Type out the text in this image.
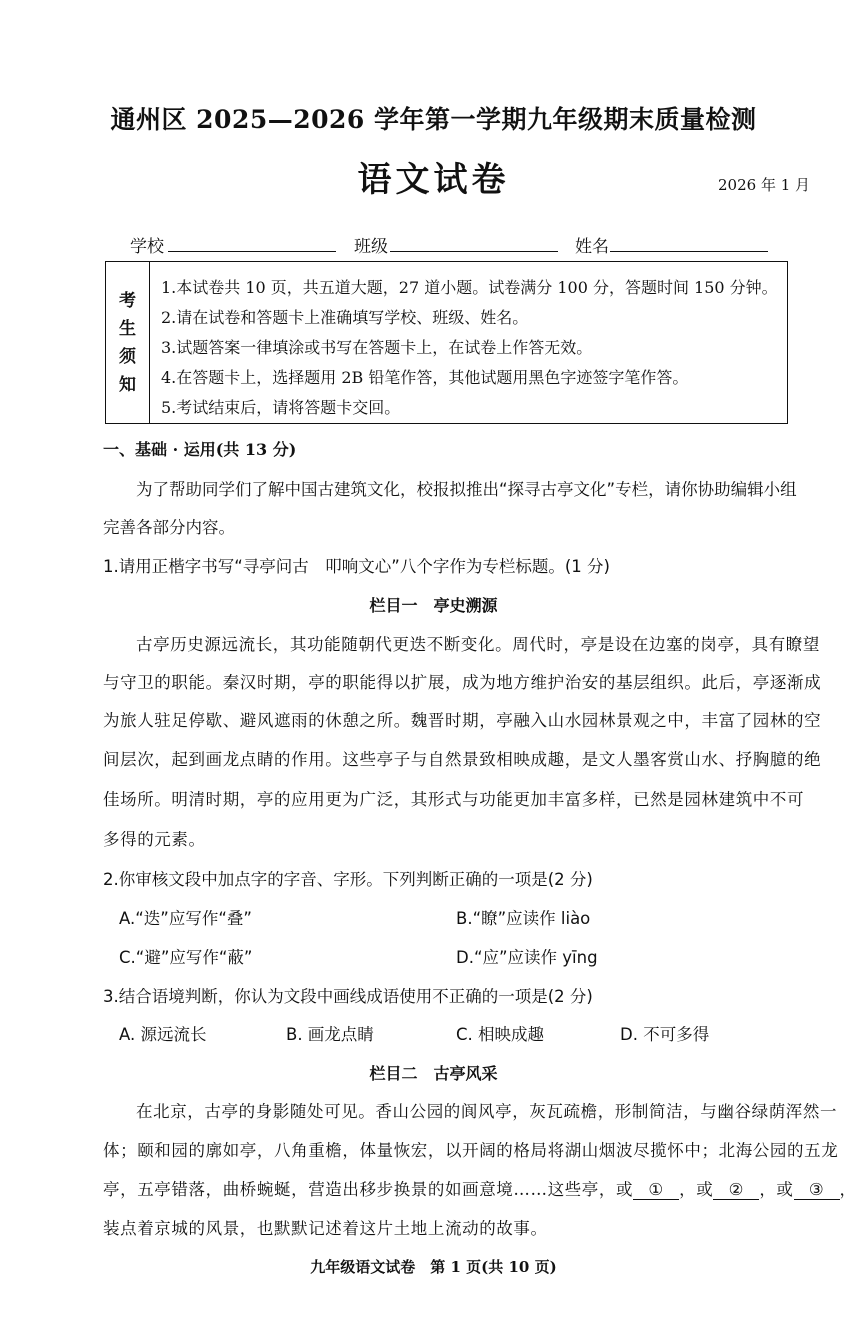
通州区 2025—2026 学年第一学期九年级期末质量检测
语文试卷	2026 年 1 月
学校	班级	姓名
考
生
须
知
1.本试卷共 10 页，共五道大题，27 道小题。试卷满分 100 分，答题时间 150 分钟。
2.请在试卷和答题卡上准确填写学校、班级、姓名。
3.试题答案一律填涂或书写在答题卡上，在试卷上作答无效。
4.在答题卡上，选择题用 2B 铅笔作答，其他试题用黑色字迹签字笔作答。
5.考试结束后，请将答题卡交回。
一、基础 · 运用(共 13 分)
为了帮助同学们了解中国古建筑文化，校报拟推出“探寻古亭文化”专栏，请你协助编辑小组
完善各部分内容。
1.请用正楷字书写“寻亭问古　叩响文心”八个字作为专栏标题。(1 分)
栏目一　亭史溯源
古亭历史源远流长，其功能随朝代更迭不断变化。周代时，亭是设在边塞的岗亭，具有瞭望
与守卫的职能。秦汉时期，亭的职能得以扩展，成为地方维护治安的基层组织。此后，亭逐渐成
为旅人驻足停歇、避风遮雨的休憩之所。魏晋时期，亭融入山水园林景观之中，丰富了园林的空
间层次，起到画龙点睛的作用。这些亭子与自然景致相映成趣，是文人墨客赏山水、抒胸臆的绝
佳场所。明清时期，亭的应用更为广泛，其形式与功能更加丰富多样，已然是园林建筑中不可
多得的元素。
2.你审核文段中加点字的字音、字形。下列判断正确的一项是(2 分)
A.“迭”应写作“叠”	B.“瞭”应读作 liào
C.“避”应写作“蔽”	D.“应”应读作 yīng
3.结合语境判断，你认为文段中画线成语使用不正确的一项是(2 分)
A. 源远流长	B. 画龙点睛	C. 相映成趣	D. 不可多得
栏目二　古亭风采
在北京，古亭的身影随处可见。香山公园的阆风亭，灰瓦疏檐，形制简洁，与幽谷绿荫浑然一
体；颐和园的廓如亭，八角重檐，体量恢宏，以开阔的格局将湖山烟波尽揽怀中；北海公园的五龙
亭，五亭错落，曲桥蜿蜒，营造出移步换景的如画意境……这些亭，或 ① ，或 ② ，或 ③ ，
装点着京城的风景，也默默记述着这片土地上流动的故事。
九年级语文试卷　第 1 页(共 10 页)
